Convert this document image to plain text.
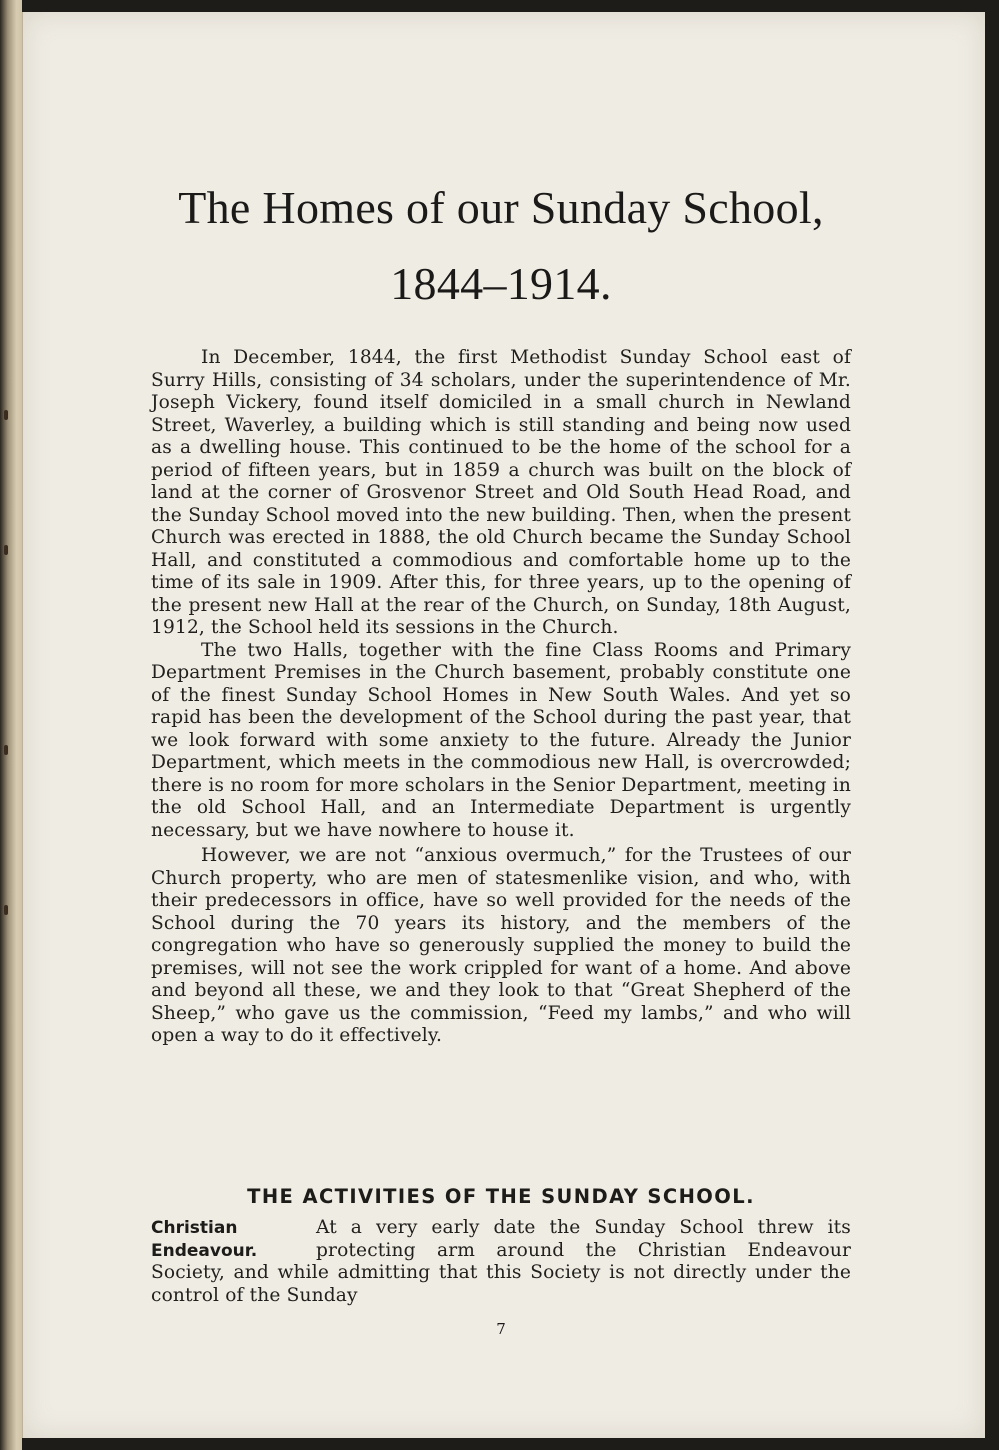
The Homes of our Sunday School,
1844–1914.

In December, 1844, the first Methodist Sunday School east of Surry Hills, consisting of 34 scholars, under the superintendence of Mr. Joseph Vickery, found itself domiciled in a small church in Newland Street, Waverley, a building which is still standing and being now used as a dwelling house. This continued to be the home of the school for a period of fifteen years, but in 1859 a church was built on the block of land at the corner of Grosvenor Street and Old South Head Road, and the Sunday School moved into the new building. Then, when the present Church was erected in 1888, the old Church became the Sunday School Hall, and constituted a commodious and comfortable home up to the time of its sale in 1909. After this, for three years, up to the opening of the present new Hall at the rear of the Church, on Sunday, 18th August, 1912, the School held its sessions in the Church.

The two Halls, together with the fine Class Rooms and Primary Department Premises in the Church basement, probably constitute one of the finest Sunday School Homes in New South Wales. And yet so rapid has been the development of the School during the past year, that we look forward with some anxiety to the future. Already the Junior Department, which meets in the commodious new Hall, is overcrowded; there is no room for more scholars in the Senior Department, meeting in the old School Hall, and an Intermediate Department is urgently necessary, but we have nowhere to house it.

However, we are not “anxious overmuch,” for the Trustees of our Church property, who are men of statesmenlike vision, and who, with their predecessors in office, have so well provided for the needs of the School during the 70 years its history, and the members of the congregation who have so generously supplied the money to build the premises, will not see the work crippled for want of a home. And above and beyond all these, we and they look to that “Great Shepherd of the Sheep,” who gave us the commission, “Feed my lambs,” and who will open a way to do it effectively.

THE ACTIVITIES OF THE SUNDAY SCHOOL.
Christian
Endeavour.
At a very early date the Sunday School threw its protecting arm around the Christian Endeavour Society, and while admitting that this Society is not directly under the control of the Sunday
7
